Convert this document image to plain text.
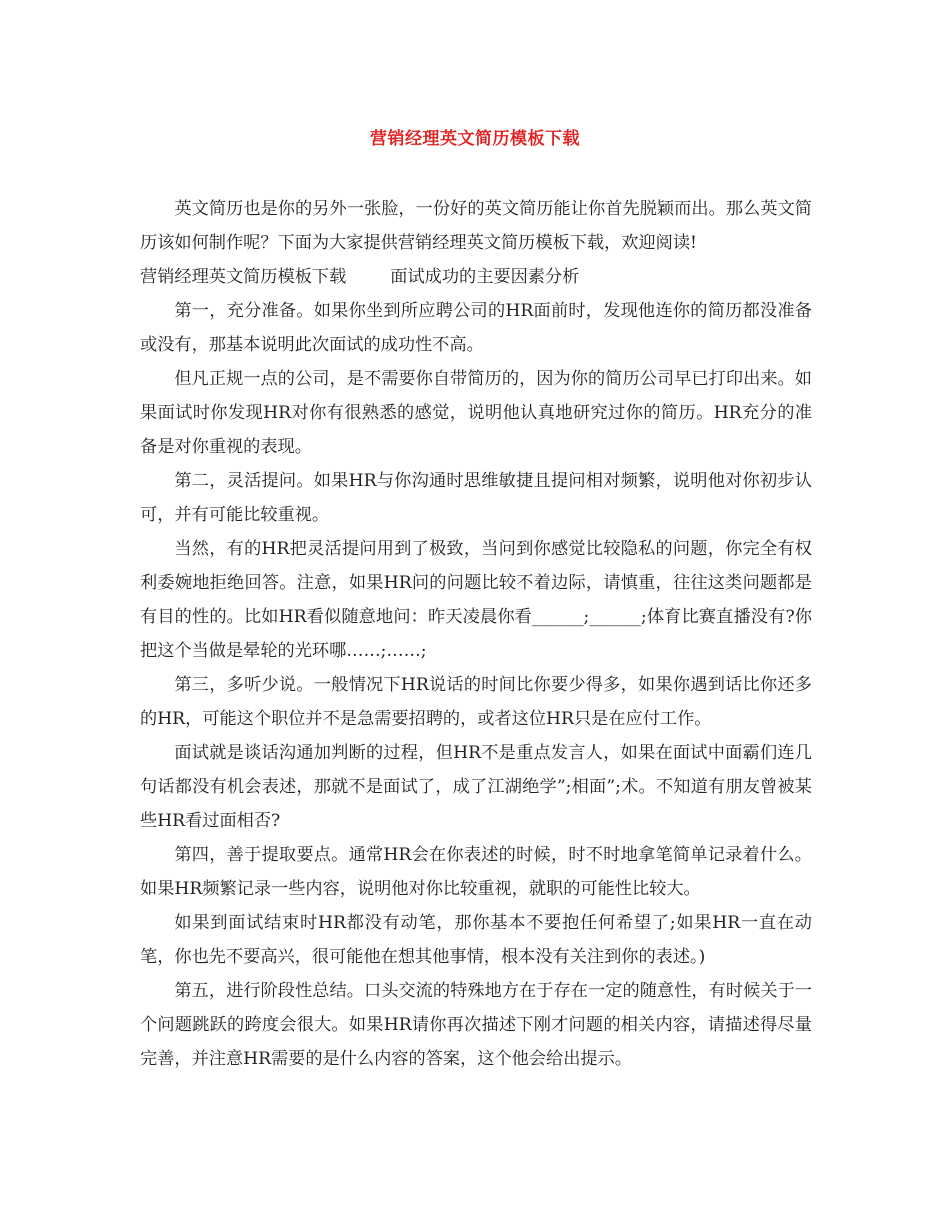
营销经理英文简历模板下载

英文简历也是你的另外一张脸，一份好的英文简历能让你首先脱颖而出。那么英文简历该如何制作呢？下面为大家提供营销经理英文简历模板下载，欢迎阅读!

营销经理英文简历模板下载	面试成功的主要因素分析

第一，充分准备。如果你坐到所应聘公司的HR面前时，发现他连你的简历都没准备或没有，那基本说明此次面试的成功性不高。

但凡正规一点的公司，是不需要你自带简历的，因为你的简历公司早已打印出来。如果面试时你发现HR对你有很熟悉的感觉，说明他认真地研究过你的简历。HR充分的准备是对你重视的表现。

第二，灵活提问。如果HR与你沟通时思维敏捷且提问相对频繁，说明他对你初步认可，并有可能比较重视。

当然，有的HR把灵活提问用到了极致，当问到你感觉比较隐私的问题，你完全有权利委婉地拒绝回答。注意，如果HR问的问题比较不着边际，请慎重，往往这类问题都是有目的性的。比如HR看似随意地问：昨天凌晨你看______;______;体育比赛直播没有?你把这个当做是晕轮的光环哪……;……;

第三，多听少说。一般情况下HR说话的时间比你要少得多，如果你遇到话比你还多的HR，可能这个职位并不是急需要招聘的，或者这位HR只是在应付工作。

面试就是谈话沟通加判断的过程，但HR不是重点发言人，如果在面试中面霸们连几句话都没有机会表述，那就不是面试了，成了江湖绝学”;相面”;术。不知道有朋友曾被某些HR看过面相否?

第四，善于提取要点。通常HR会在你表述的时候，时不时地拿笔简单记录着什么。如果HR频繁记录一些内容，说明他对你比较重视，就职的可能性比较大。

如果到面试结束时HR都没有动笔，那你基本不要抱任何希望了;如果HR一直在动笔，你也先不要高兴，很可能他在想其他事情，根本没有关注到你的表述。)

第五，进行阶段性总结。口头交流的特殊地方在于存在一定的随意性，有时候关于一个问题跳跃的跨度会很大。如果HR请你再次描述下刚才问题的相关内容，请描述得尽量完善，并注意HR需要的是什么内容的答案，这个他会给出提示。
